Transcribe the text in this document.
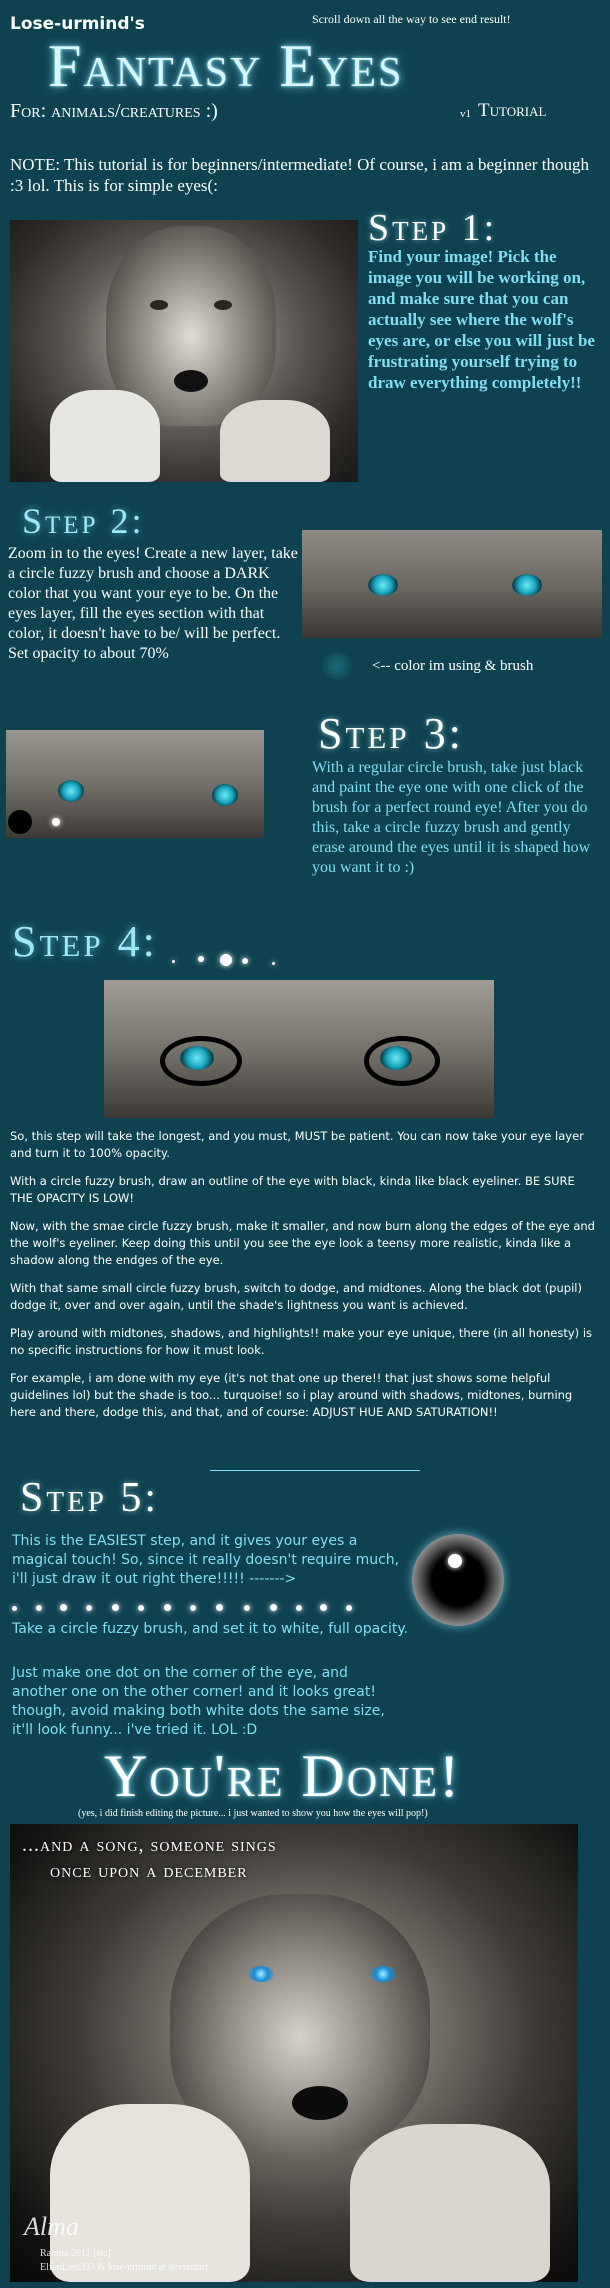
Lose-urmind's	Scroll down all the way to see end result!
Fantasy Eyes
For: animals/creatures :)	v1 Tutorial
NOTE: This tutorial is for beginners/intermediate! Of course, i am a beginner though :3 lol. This is for simple eyes(:
Step 1:
Find your image! Pick the image you will be working on, and make sure that you can actually see where the wolf's eyes are, or else you will just be frustrating yourself trying to draw everything completely!!
Step 2:
Zoom in to the eyes! Create a new layer, take a circle fuzzy brush and choose a DARK color that you want your eye to be. On the eyes layer, fill the eyes section with that color, it doesn't have to be/ will be perfect. Set opacity to about 70%
<-- color im using & brush
Step 3:
With a regular circle brush, take just black and paint the eye one with one click of the brush for a perfect round eye! After you do this, take a circle fuzzy brush and gently erase around the eyes until it is shaped how you want it to :)
Step 4:

So, this step will take the longest, and you must, MUST be patient. You can now take your eye layer and turn it to 100% opacity.

With a circle fuzzy brush, draw an outline of the eye with black, kinda like black eyeliner. BE SURE THE OPACITY IS LOW!

Now, with the smae circle fuzzy brush, make it smaller, and now burn along the edges of the eye and the wolf's eyeliner. Keep doing this until you see the eye look a teensy more realistic, kinda like a shadow along the endges of the eye.

With that same small circle fuzzy brush, switch to dodge, and midtones. Along the black dot (pupil) dodge it, over and over again, until the shade's lightness you want is achieved.

Play around with midtones, shadows, and highlights!! make your eye unique, there (in all honesty) is no specific instructions for how it must look.

For example, i am done with my eye (it's not that one up there!! that just shows some helpful guidelines lol) but the shade is too... turquoise! so i play around with shadows, midtones, burning here and there, dodge this, and that, and of course: ADJUST HUE AND SATURATION!!

Step 5:
This is the EASIEST step, and it gives your eyes a magical touch! So, since it really doesn't require much, i'll just draw it out right there!!!!! ------->
Take a circle fuzzy brush, and set it to white, full opacity.
Just make one dot on the corner of the eye, and another one on the other corner! and it looks great! though, avoid making both white dots the same size, it'll look funny... i've tried it. LOL :D
You're Done!
(yes, i did finish editing the picture... i just wanted to show you how the eyes will pop!)
...and a song, someone sings
once upon a december
Alma
Ramna 2011 [sic]
ElfenLied333 & lose-urmind at deviantart
